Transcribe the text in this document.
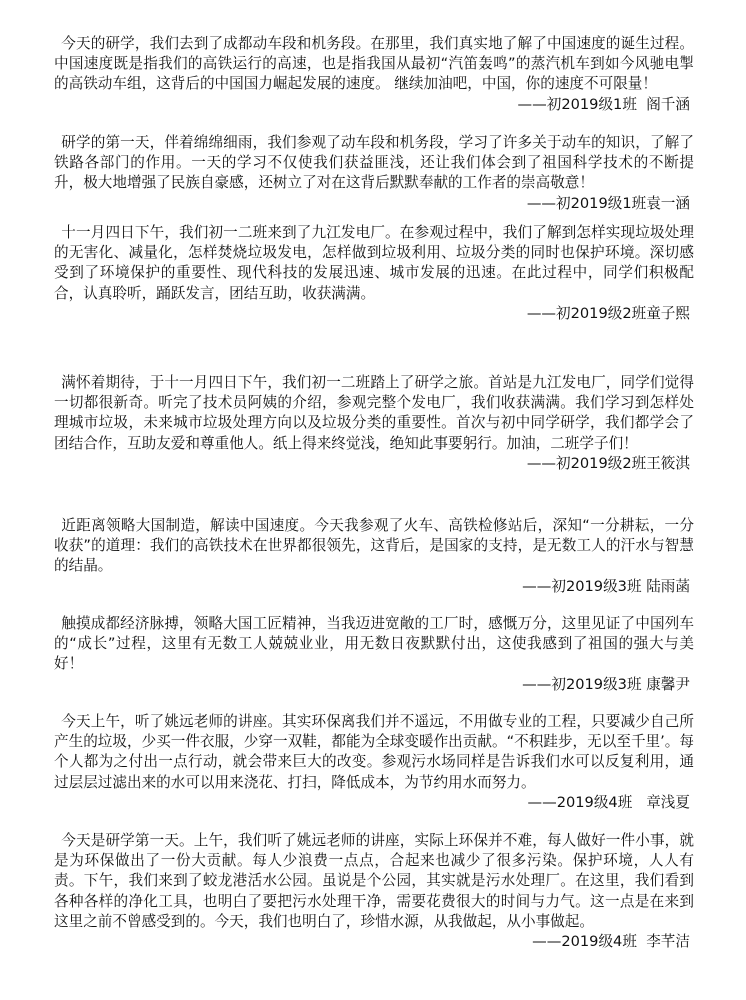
今天的研学，我们去到了成都动车段和机务段。在那里，我们真实地了解了中国速度的诞生过程。中国速度既是指我们的高铁运行的高速，也是指我国从最初“汽笛轰鸣”的蒸汽机车到如今风驰电掣的高铁动车组，这背后的中国国力崛起发展的速度。 继续加油吧，中国，你的速度不可限量！

——初2019级1班  阁千涵

研学的第一天，伴着绵绵细雨，我们参观了动车段和机务段，学习了许多关于动车的知识，了解了铁路各部门的作用。一天的学习不仅使我们获益匪浅，还让我们体会到了祖国科学技术的不断提升，极大地增强了民族自豪感，还树立了对在这背后默默奉献的工作者的崇高敬意！

——初2019级1班袁一涵

十一月四日下午，我们初一二班来到了九江发电厂。在参观过程中，我们了解到怎样实现垃圾处理的无害化、减量化，怎样焚烧垃圾发电，怎样做到垃圾利用、垃圾分类的同时也保护环境。深切感受到了环境保护的重要性、现代科技的发展迅速、城市发展的迅速。在此过程中，同学们积极配合，认真聆听，踊跃发言，团结互助，收获满满。

——初2019级2班童子熙

满怀着期待，于十一月四日下午，我们初一二班踏上了研学之旅。首站是九江发电厂，同学们觉得一切都很新奇。听完了技术员阿姨的介绍，参观完整个发电厂，我们收获满满。我们学习到怎样处理城市垃圾，未来城市垃圾处理方向以及垃圾分类的重要性。首次与初中同学研学，我们都学会了团结合作，互助友爱和尊重他人。纸上得来终觉浅，绝知此事要躬行。加油，二班学子们！

——初2019级2班王筱淇

近距离领略大国制造，解读中国速度。今天我参观了火车、高铁检修站后，深知“一分耕耘，一分收获”的道理：我们的高铁技术在世界都很领先，这背后，是国家的支持，是无数工人的汗水与智慧的结晶。

——初2019级3班 陆雨菡

触摸成都经济脉搏，领略大国工匠精神，当我迈进宽敞的工厂时，感慨万分，这里见证了中国列车的“成长”过程，这里有无数工人兢兢业业，用无数日夜默默付出，这使我感到了祖国的强大与美好！

——初2019级3班 康馨尹

今天上午，听了姚远老师的讲座。其实环保离我们并不遥远，不用做专业的工程，只要减少自己所产生的垃圾，少买一件衣服，少穿一双鞋，都能为全球变暖作出贡献。“不积跬步，无以至千里’。每个人都为之付出一点行动，就会带来巨大的改变。参观污水场同样是告诉我们水可以反复利用，通过层层过滤出来的水可以用来浇花、打扫，降低成本，为节约用水而努力。

——2019级4班   章浅夏

今天是研学第一天。上午，我们听了姚远老师的讲座，实际上环保并不难，每人做好一件小事，就是为环保做出了一份大贡献。每人少浪费一点点，合起来也减少了很多污染。保护环境，人人有责。下午，我们来到了蛟龙港活水公园。虽说是个公园，其实就是污水处理厂。在这里，我们看到各种各样的净化工具，也明白了要把污水处理干净，需要花费很大的时间与力气。这一点是在来到这里之前不曾感受到的。今天，我们也明白了，珍惜水源，从我做起，从小事做起。

——2019级4班  李芊洁
